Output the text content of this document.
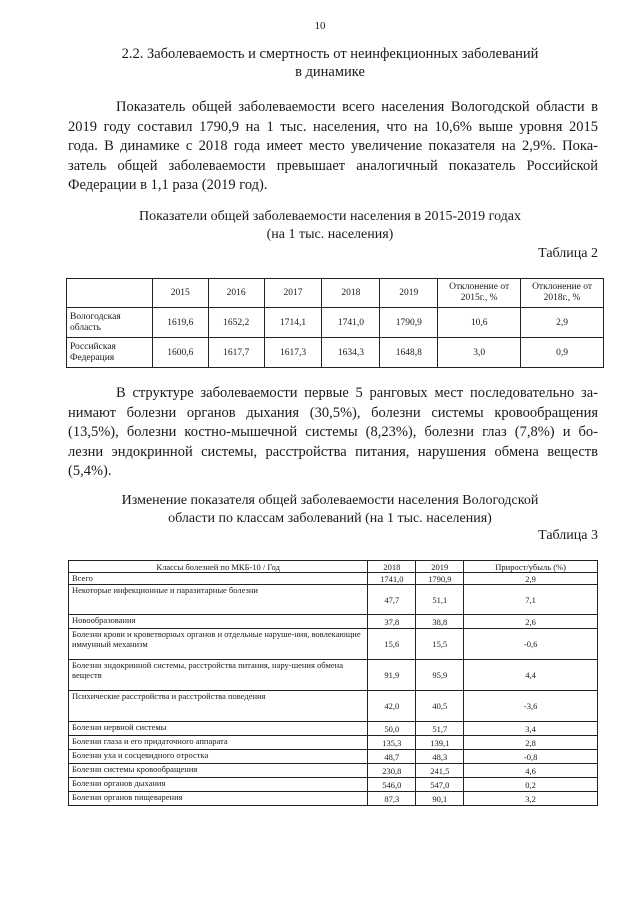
10
2.2. Заболеваемость и смертность от неинфекционных заболеваний
в динамике
Показатель общей заболеваемости всего населения Вологодской области в
2019 году составил 1790,9 на 1 тыс. населения, что на 10,6% выше уровня 2015
года. В динамике с 2018 года имеет место увеличение показателя на 2,9%. Пока-
затель общей заболеваемости превышает аналогичный показатель Российской
Федерации в 1,1 раза (2019 год).
Показатели общей заболеваемости населения в 2015-2019 годах
(на 1 тыс. населения)
Таблица 2
	2015	2016	2017	2018	2019	Отклонение от 2015г., %	Отклонение от 2018г., %
Вологодская область	1619,6	1652,2	1714,1	1741,0	1790,9	10,6	2,9
Российская Федерация	1600,6	1617,7	1617,3	1634,3	1648,8	3,0	0,9
В структуре заболеваемости первые 5 ранговых мест последовательно за-
нимают болезни органов дыхания (30,5%), болезни системы кровообращения
(13,5%), болезни костно-мышечной системы (8,23%), болезни глаз (7,8%) и бо-
лезни эндокринной системы, расстройства питания, нарушения обмена веществ
(5,4%).
Изменение показателя общей заболеваемости населения Вологодской
области по классам заболеваний (на 1 тыс. населения)
Таблица 3
Классы болезней по МКБ-10 / Год	2018	2019	Прирост/убыль (%)
Всего	1741,0	1790,9	2,9
Некоторые инфекционные и паразитарные болезни	47,7	51,1	7,1
Новообразования	37,8	38,8	2,6
Болезни крови и кроветворных органов и отдельные наруше-ния, вовлекающие иммунный механизм	15,6	15,5	-0,6
Болезни эндокринной системы, расстройства питания, нару-шения обмена веществ	91,9	95,9	4,4
Психические расстройства и расстройства поведения	42,0	40,5	-3,6
Болезни нервной системы	50,0	51,7	3,4
Болезни глаза и его придаточного аппарата	135,3	139,1	2,8
Болезни уха и сосцевидного отростка	48,7	48,3	-0,8
Болезни системы кровообращения	230,8	241,5	4,6
Болезни органов дыхания	546,0	547,0	0,2
Болезни органов пищеварения	87,3	90,1	3,2
